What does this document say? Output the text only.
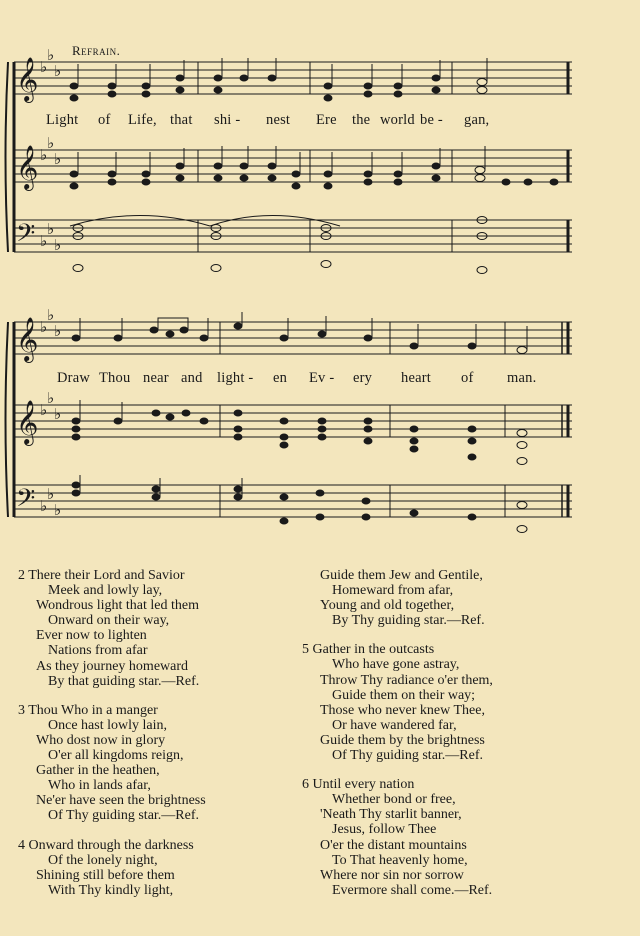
𝄞
𝄞
𝄢
𝄞
𝄞
𝄢
♭
♭
♭
♭
♭
♭
♭
♭
♭
♭
♭
♭
♭
♭
♭
♭
♭
♭
Refrain.
Light of Life, that shi - nest Ere the world be - gan,
Draw Thou near and light - en Ev - ery heart of man.
2 There their Lord and Savior
Meek and lowly lay,
Wondrous light that led them
Onward on their way,
Ever now to lighten
Nations from afar
As they journey homeward
By that guiding star.—Ref.
3 Thou Who in a manger
Once hast lowly lain,
Who dost now in glory
O'er all kingdoms reign,
Gather in the heathen,
Who in lands afar,
Ne'er have seen the brightness
Of Thy guiding star.—Ref.
4 Onward through the darkness
Of the lonely night,
Shining still before them
With Thy kindly light,
Guide them Jew and Gentile,
Homeward from afar,
Young and old together,
By Thy guiding star.—Ref.
5 Gather in the outcasts
Who have gone astray,
Throw Thy radiance o'er them,
Guide them on their way;
Those who never knew Thee,
Or have wandered far,
Guide them by the brightness
Of Thy guiding star.—Ref.
6 Until every nation
Whether bond or free,
'Neath Thy starlit banner,
Jesus, follow Thee
O'er the distant mountains
To That heavenly home,
Where nor sin nor sorrow
Evermore shall come.—Ref.
